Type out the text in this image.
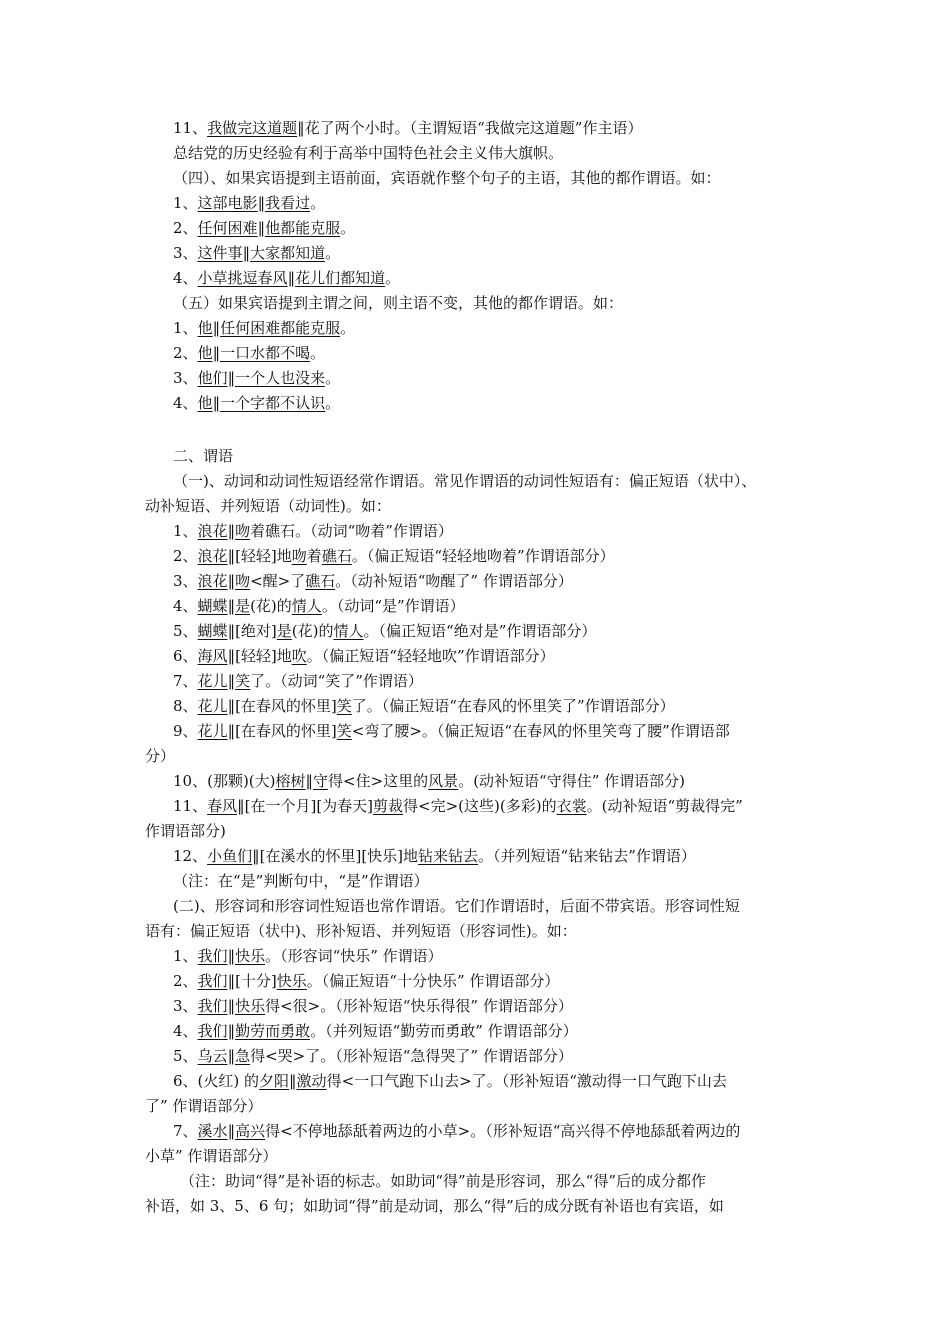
11、我做完这道题‖花了两个小时。（主谓短语“我做完这道题”作主语）
总结党的历史经验有利于高举中国特色社会主义伟大旗帜。
（四）、如果宾语提到主语前面，宾语就作整个句子的主语，其他的都作谓语。如：
1、这部电影‖我看过。
2、任何困难‖他都能克服。
3、这件事‖大家都知道。
4、小草挑逗春风‖花儿们都知道。
（五）如果宾语提到主谓之间，则主语不变，其他的都作谓语。如：
1、他‖任何困难都能克服。
2、他‖一口水都不喝。
3、他们‖一个人也没来。
4、他‖一个字都不认识。
二、谓语
（一)、动词和动词性短语经常作谓语。常见作谓语的动词性短语有：偏正短语（状中）、
动补短语、并列短语（动词性)。如：
1、浪花‖吻着礁石。（动词“吻着”作谓语）
2、浪花‖[轻轻]地吻着礁石。（偏正短语“轻轻地吻着”作谓语部分）
3、浪花‖吻<醒>了礁石。（动补短语“吻醒了” 作谓语部分）
4、蝴蝶‖是(花)的情人。（动词“是”作谓语）
5、蝴蝶‖[绝对]是(花)的情人。（偏正短语“绝对是”作谓语部分）
6、海风‖[轻轻]地吹。（偏正短语“轻轻地吹”作谓语部分）
7、花儿‖笑了。（动词“笑了”作谓语）
8、花儿‖[在春风的怀里]笑了。（偏正短语“在春风的怀里笑了”作谓语部分）
9、花儿‖[在春风的怀里]笑<弯了腰>。（偏正短语“在春风的怀里笑弯了腰”作谓语部
分）
10、(那颗)(大)榕树‖守得<住>这里的风景。(动补短语“守得住” 作谓语部分)
11、春风‖[在一个月][为春天]剪裁得<完>(这些)(多彩)的衣裳。(动补短语“剪裁得完”
作谓语部分)
12、小鱼们‖[在溪水的怀里][快乐]地钻来钻去。（并列短语“钻来钻去”作谓语）
（注：在“是”判断句中，“是”作谓语）
(二)、形容词和形容词性短语也常作谓语。它们作谓语时，后面不带宾语。形容词性短
语有：偏正短语（状中)、形补短语、并列短语（形容词性)。如：
1、我们‖快乐。（形容词“快乐” 作谓语）
2、我们‖[十分]快乐。（偏正短语“十分快乐” 作谓语部分）
3、我们‖快乐得<很>。（形补短语“快乐得很” 作谓语部分）
4、我们‖勤劳而勇敢。（并列短语“勤劳而勇敢” 作谓语部分）
5、乌云‖急得<哭>了。（形补短语“急得哭了” 作谓语部分）
6、(火红) 的夕阳‖激动得<一口气跑下山去>了。（形补短语“激动得一口气跑下山去
了” 作谓语部分）
7、溪水‖高兴得<不停地舔舐着两边的小草>。（形补短语“高兴得不停地舔舐着两边的
小草” 作谓语部分）
（注：助词“得”是补语的标志。如助词“得”前是形容词，那么“得”后的成分都作
补语，如 3、5、6 句；如助词“得”前是动词，那么“得”后的成分既有补语也有宾语，如
